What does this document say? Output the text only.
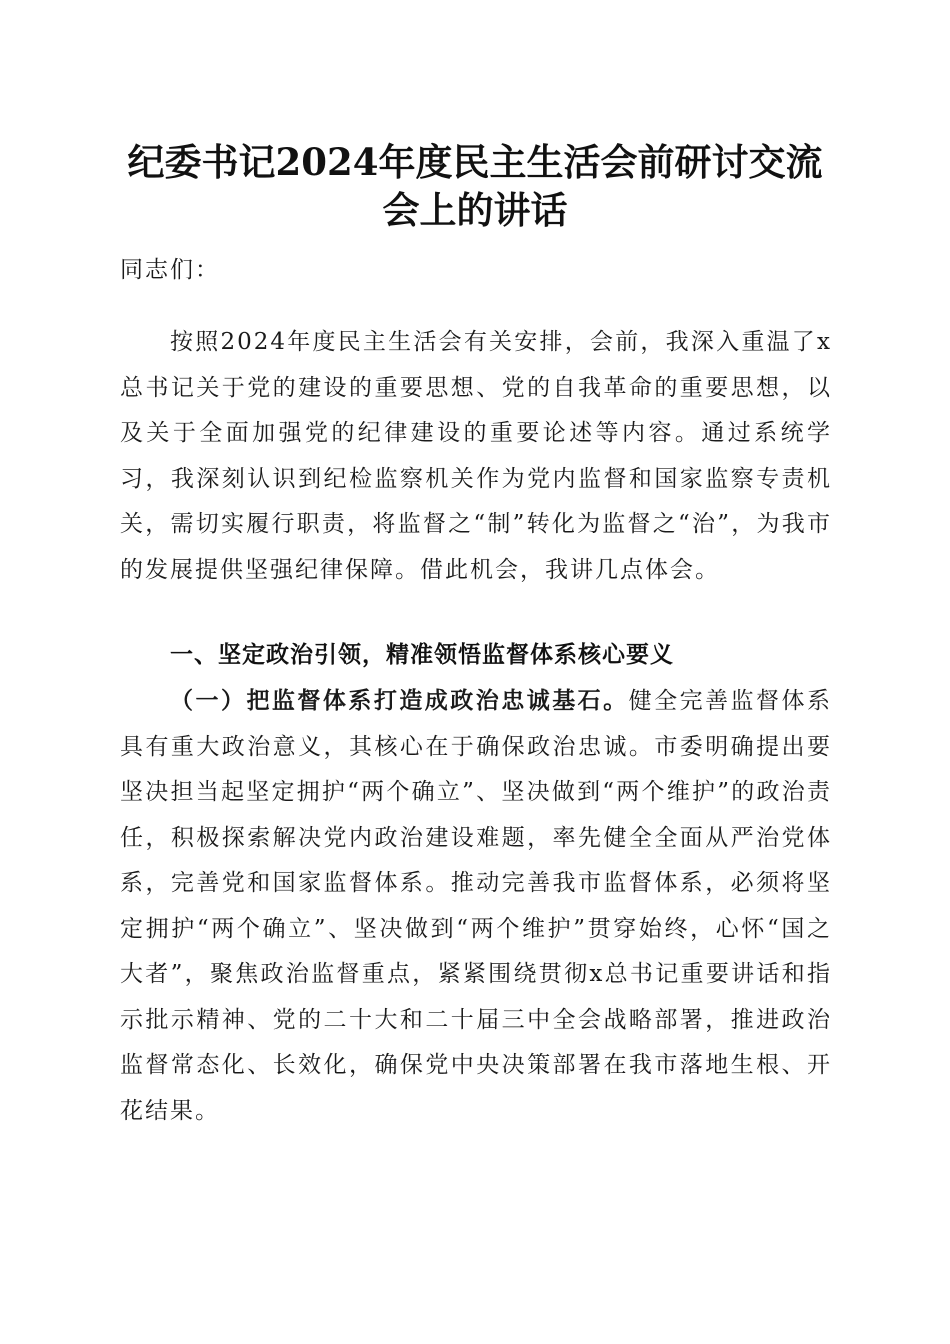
纪委书记2024年度民主生活会前研讨交流会上的讲话
同志们：
按照2024年度民主生活会有关安排，会前，我深入重温了x总书记关于党的建设的重要思想、党的自我革命的重要思想，以及关于全面加强党的纪律建设的重要论述等内容。通过系统学习，我深刻认识到纪检监察机关作为党内监督和国家监察专责机关，需切实履行职责，将监督之“制”转化为监督之“治”，为我市的发展提供坚强纪律保障。借此机会，我讲几点体会。
一、坚定政治引领，精准领悟监督体系核心要义
（一）把监督体系打造成政治忠诚基石。健全完善监督体系具有重大政治意义，其核心在于确保政治忠诚。市委明确提出要坚决担当起坚定拥护“两个确立”、坚决做到“两个维护”的政治责任，积极探索解决党内政治建设难题，率先健全全面从严治党体系，完善党和国家监督体系。推动完善我市监督体系，必须将坚定拥护“两个确立”、坚决做到“两个维护”贯穿始终，心怀“国之大者”，聚焦政治监督重点，紧紧围绕贯彻x总书记重要讲话和指示批示精神、党的二十大和二十届三中全会战略部署，推进政治监督常态化、长效化，确保党中央决策部署在我市落地生根、开花结果。
